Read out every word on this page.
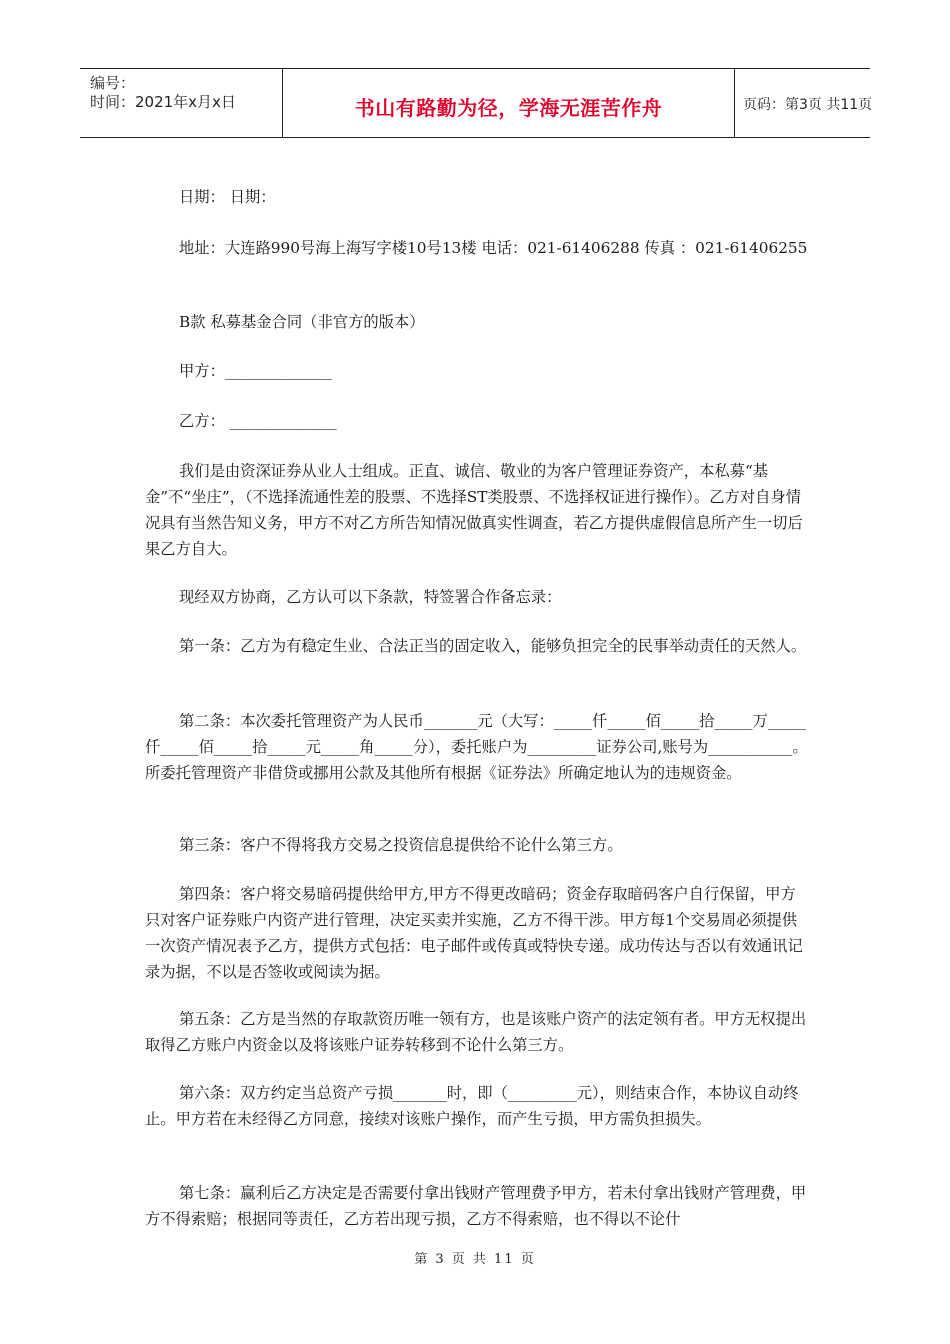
编号：
时间：2021年x月x日	书山有路勤为径，学海无涯苦作舟	页码：第3页 共11页
日期： 日期：
地址：大连路990号海上海写字楼10号13楼 电话：021-61406288 传真 ：021-61406255
B款 私募基金合同（非官方的版本）
甲方：______________
乙方： ______________
我们是由资深证券从业人士组成。正直、诚信、敬业的为客户管理证券资产，本私募“基金”不“坐庄”，（不选择流通性差的股票、不选择ST类股票、不选择权证进行操作）。乙方对自身情况具有当然告知义务，甲方不对乙方所告知情况做真实性调查，若乙方提供虚假信息所产生一切后果乙方自大。
现经双方协商，乙方认可以下条款，特签署合作备忘录：
第一条：乙方为有稳定生业、合法正当的固定收入，能够负担完全的民事举动责任的天然人。
第二条：本次委托管理资产为人民币_______元（大写：_____仟_____佰_____拾_____万_____仟_____佰_____拾_____元_____角_____分），委托账户为_________证券公司,账号为___________。所委托管理资产非借贷或挪用公款及其他所有根据《证券法》所确定地认为的违规资金。
第三条：客户不得将我方交易之投资信息提供给不论什么第三方。
第四条：客户将交易暗码提供给甲方,甲方不得更改暗码；资金存取暗码客户自行保留，甲方只对客户证券账户内资产进行管理，决定买卖并实施，乙方不得干涉。甲方每1个交易周必须提供一次资产情况表予乙方，提供方式包括：电子邮件或传真或特快专递。成功传达与否以有效通讯记录为据，不以是否签收或阅读为据。
第五条：乙方是当然的存取款资历唯一领有方，也是该账户资产的法定领有者。甲方无权提出取得乙方账户内资金以及将该账户证券转移到不论什么第三方。
第六条：双方约定当总资产亏损_______时，即（_________元），则结束合作，本协议自动终止。甲方若在未经得乙方同意，接续对该账户操作，而产生亏损，甲方需负担损失。
第七条：赢利后乙方决定是否需要付拿出钱财产管理费予甲方，若未付拿出钱财产管理费，甲方不得索赔；根据同等责任，乙方若出现亏损，乙方不得索赔，也不得以不论什
第 3 页 共 11 页
